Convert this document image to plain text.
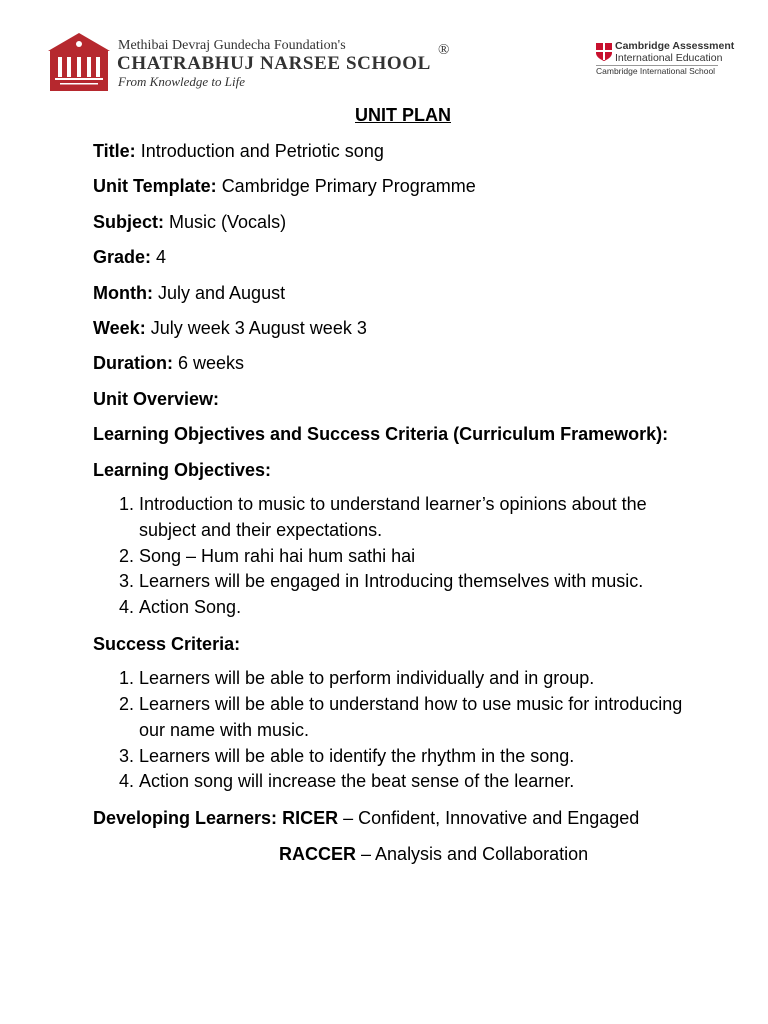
Methibai Devraj Gundecha Foundation's
CHATRABHUJ NARSEE SCHOOL
®
From Knowledge to Life
Cambridge Assessment
International Education
Cambridge International School
UNIT PLAN
Title: Introduction and Petriotic song
Unit Template: Cambridge Primary Programme
Subject: Music (Vocals)
Grade: 4
Month: July and August
Week: July week 3 August week 3
Duration: 6 weeks
Unit Overview:
Learning Objectives and Success Criteria (Curriculum Framework):
Learning Objectives:
1. Introduction to music to understand learner’s opinions about the subject and their expectations.
2. Song – Hum rahi hai hum sathi hai
3. Learners will be engaged in Introducing themselves with music.
4. Action Song.
Success Criteria:
1. Learners will be able to perform individually and in group.
2. Learners will be able to understand how to use music for introducing our name with music.
3. Learners will be able to identify the rhythm in the song.
4. Action song will increase the beat sense of the learner.
Developing Learners: RICER – Confident, Innovative and Engaged
RACCER – Analysis and Collaboration
